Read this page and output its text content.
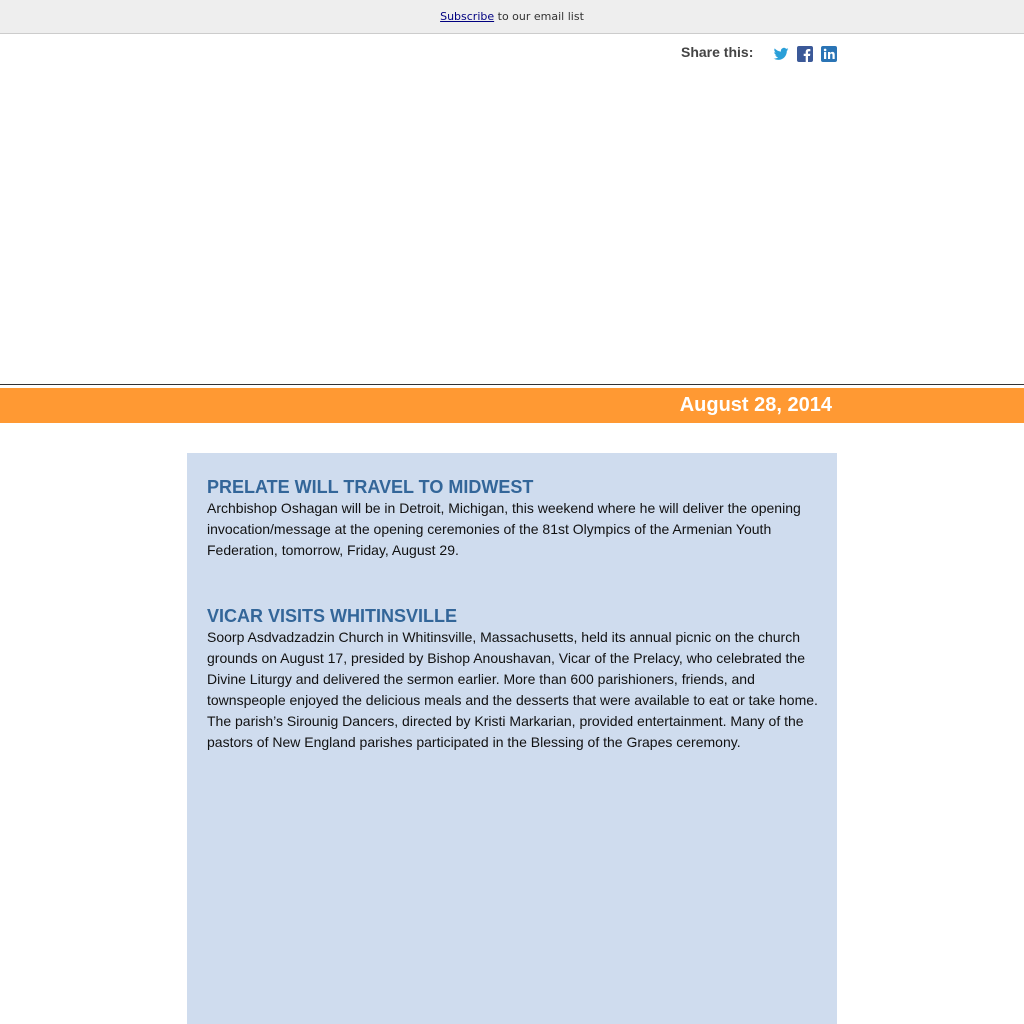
Subscribe to our email list
Share this:
August 28, 2014
PRELATE WILL TRAVEL TO MIDWEST

Archbishop Oshagan will be in Detroit, Michigan, this weekend where he will deliver the opening invocation/message at the opening ceremonies of the 81st Olympics of the Armenian Youth Federation, tomorrow, Friday, August 29.

VICAR VISITS WHITINSVILLE

Soorp Asdvadzadzin Church in Whitinsville, Massachusetts, held its annual picnic on the church grounds on August 17, presided by Bishop Anoushavan, Vicar of the Prelacy, who celebrated the Divine Liturgy and delivered the sermon earlier. More than 600 parishioners, friends, and townspeople enjoyed the delicious meals and the desserts that were available to eat or take home. The parish’s Sirounig Dancers, directed by Kristi Markarian, provided entertainment. Many of the pastors of New England parishes participated in the Blessing of the Grapes ceremony.
